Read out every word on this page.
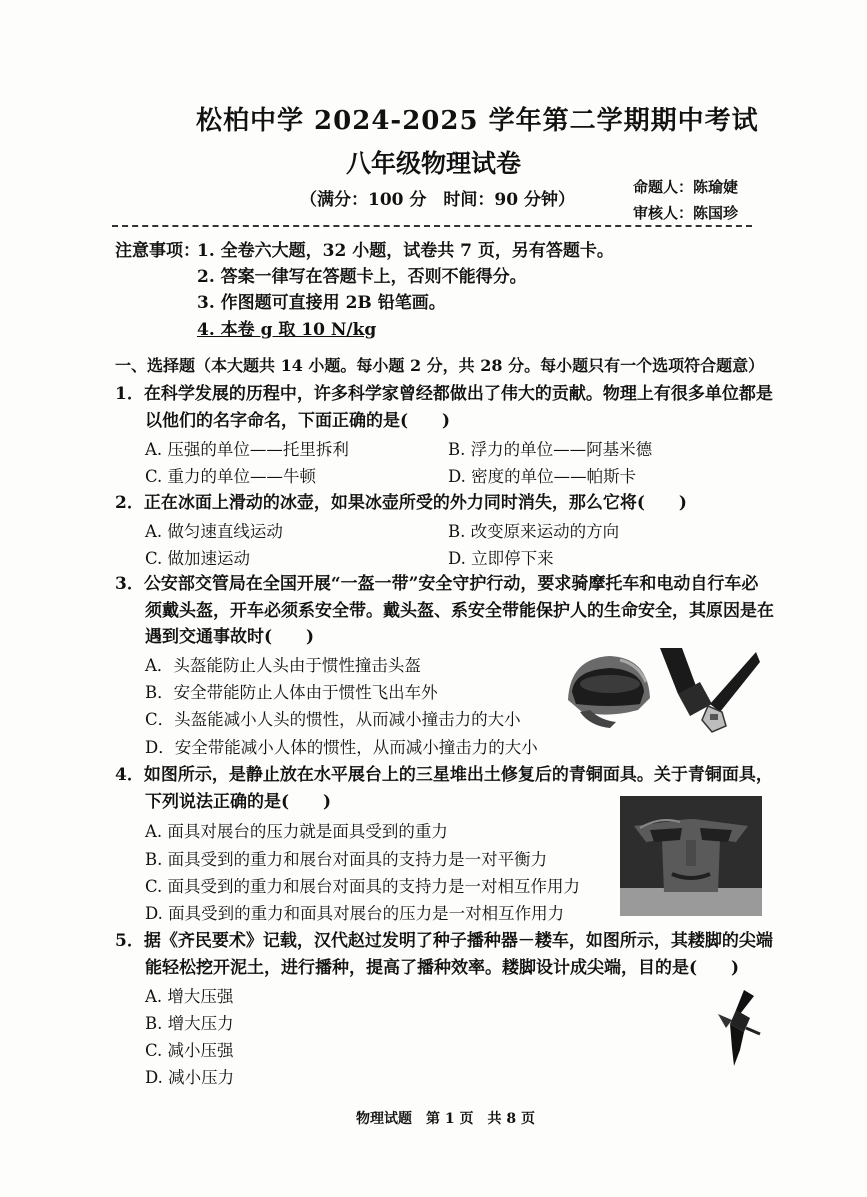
松柏中学 2024-2025 学年第二学期期中考试
八年级物理试卷
（满分：100 分　时间：90 分钟）
命题人：陈瑜婕
审核人：陈国珍
注意事项：
1. 全卷六大题，32 小题，试卷共 7 页，另有答题卡。
2. 答案一律写在答题卡上，否则不能得分。
3. 作图题可直接用 2B 铅笔画。
4. 本卷 g 取 10 N/kg
一、选择题（本大题共 14 小题。每小题 2 分，共 28 分。每小题只有一个选项符合题意）
1．在科学发展的历程中，许多科学家曾经都做出了伟大的贡献。物理上有很多单位都是
以他们的名字命名，下面正确的是(　　)
A. 压强的单位——托里拆利	B. 浮力的单位——阿基米德
C. 重力的单位——牛顿	D. 密度的单位——帕斯卡
2．正在冰面上滑动的冰壶，如果冰壶所受的外力同时消失，那么它将(　　)
A. 做匀速直线运动	B. 改变原来运动的方向
C. 做加速运动	D. 立即停下来
3．公安部交管局在全国开展“一盔一带”安全守护行动，要求骑摩托车和电动自行车必
须戴头盔，开车必须系安全带。戴头盔、系安全带能保护人的生命安全，其原因是在
遇到交通事故时(　　)
A．头盔能防止人头由于惯性撞击头盔
B．安全带能防止人体由于惯性飞出车外
C．头盔能减小人头的惯性，从而减小撞击力的大小
D．安全带能减小人体的惯性，从而减小撞击力的大小
4．如图所示，是静止放在水平展台上的三星堆出土修复后的青铜面具。关于青铜面具，
下列说法正确的是(　　)
A. 面具对展台的压力就是面具受到的重力
B. 面具受到的重力和展台对面具的支持力是一对平衡力
C. 面具受到的重力和展台对面具的支持力是一对相互作用力
D. 面具受到的重力和面具对展台的压力是一对相互作用力
5．据《齐民要术》记载，汉代赵过发明了种子播种器－耧车，如图所示，其耧脚的尖端
能轻松挖开泥土，进行播种，提高了播种效率。耧脚设计成尖端，目的是(　　)
A. 增大压强
B. 增大压力
C. 减小压强
D. 减小压力
物理试题　第 1 页　共 8 页
